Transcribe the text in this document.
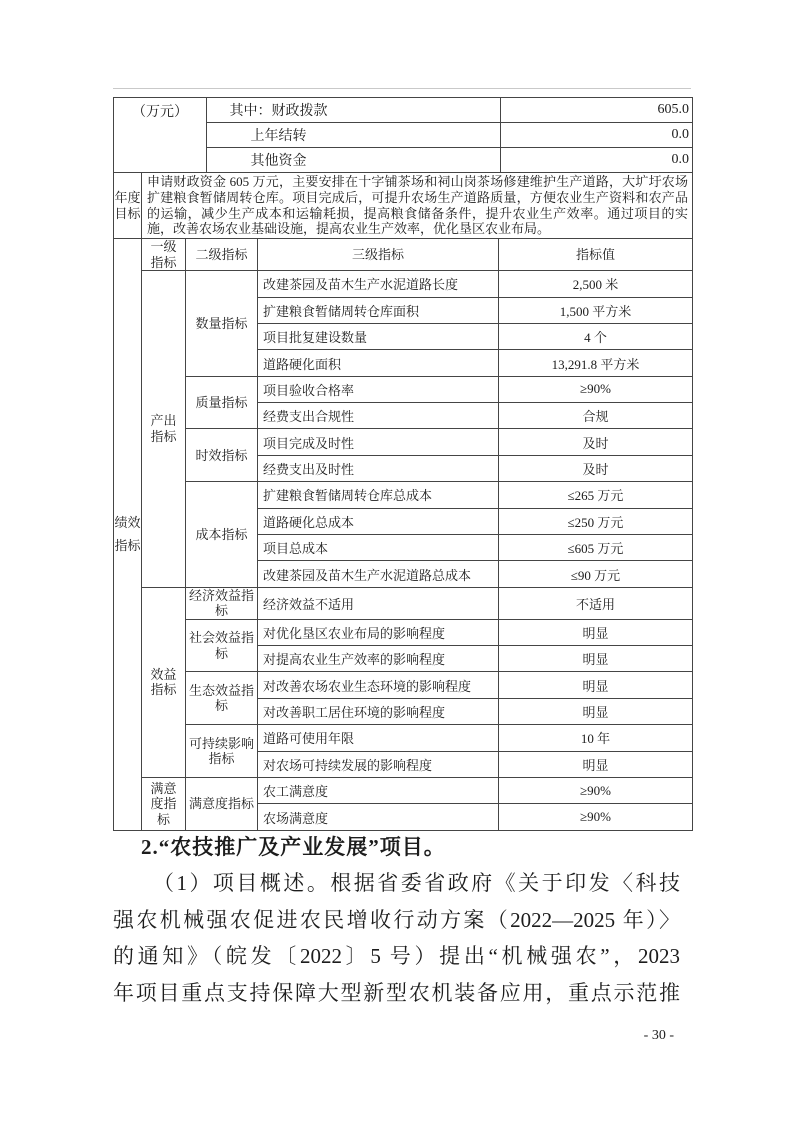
（万元）	其中：财政拨款	605.0
	上年结转	0.0
	其他资金	0.0
年度目标	申请财政资金 605 万元，主要安排在十字铺茶场和祠山岗茶场修建维护生产道路，大圹圩农场扩建粮食暂储周转仓库。项目完成后，可提升农场生产道路质量，方便农业生产资料和农产品的运输，减少生产成本和运输耗损，提高粮食储备条件，提升农业生产效率。通过项目的实施，改善农场农业基础设施，提高农业生产效率，优化垦区农业布局。
绩效指标	一级指标	二级指标	三级指标	指标值
	产出指标	数量指标	改建茶园及苗木生产水泥道路长度	2,500 米
			扩建粮食暂储周转仓库面积	1,500 平方米
			项目批复建设数量	4 个
			道路硬化面积	13,291.8 平方米
		质量指标	项目验收合格率	≥90%
			经费支出合规性	合规
		时效指标	项目完成及时性	及时
			经费支出及时性	及时
		成本指标	扩建粮食暂储周转仓库总成本	≤265 万元
			道路硬化总成本	≤250 万元
			项目总成本	≤605 万元
			改建茶园及苗木生产水泥道路总成本	≤90 万元
	效益指标	经济效益指标	经济效益不适用	不适用
		社会效益指标	对优化垦区农业布局的影响程度	明显
			对提高农业生产效率的影响程度	明显
		生态效益指标	对改善农场农业生态环境的影响程度	明显
			对改善职工居住环境的影响程度	明显
		可持续影响指标	道路可使用年限	10 年
			对农场可持续发展的影响程度	明显
	满意度指标	满意度指标	农工满意度	≥90%
			农场满意度	≥90%
2.“农技推广及产业发展”项目。
（1）项目概述。根据省委省政府《关于印发〈科技
强农机械强农促进农民增收行动方案（2022—2025 年）〉
的通知》（皖发〔2022〕5 号）提出“机械强农”，2023
年项目重点支持保障大型新型农机装备应用，重点示范推
- 30 -
